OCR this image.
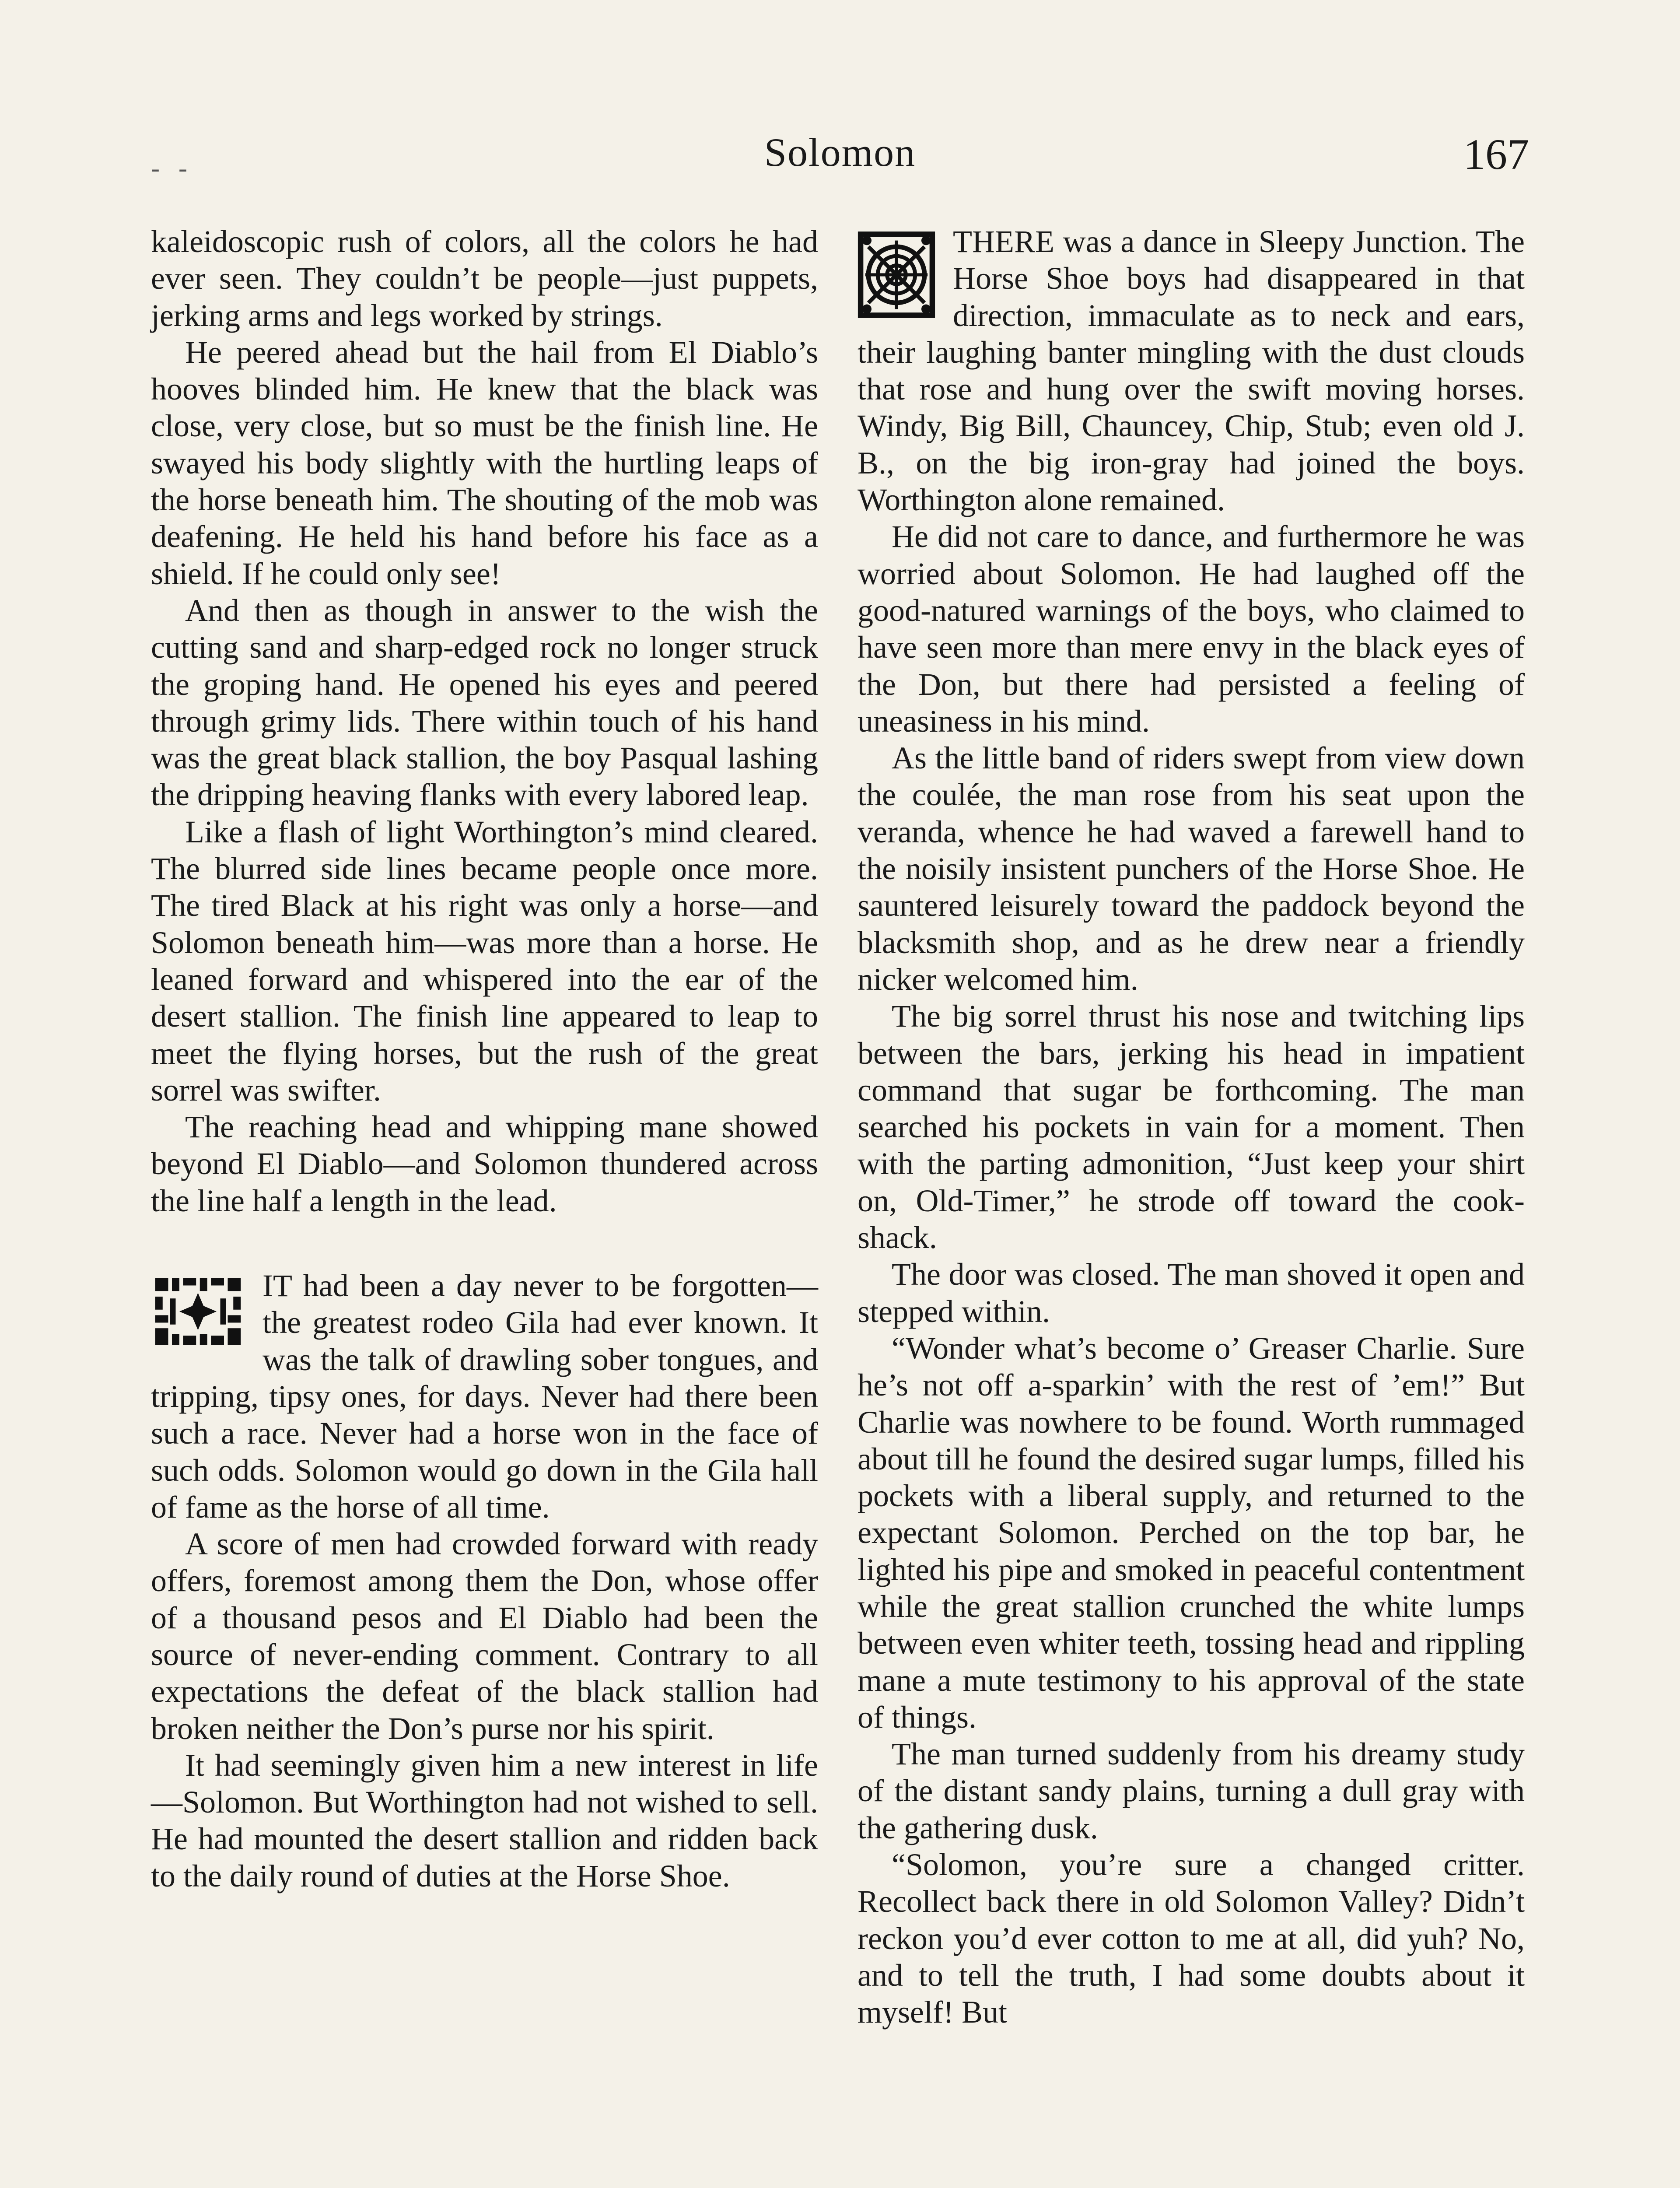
- -	Solomon	167

kaleidoscopic rush of colors, all the colors he had ever seen. They couldn’t be people—just puppets, jerking arms and legs worked by strings.

He peered ahead but the hail from El Diablo’s hooves blinded him. He knew that the black was close, very close, but so must be the finish line. He swayed his body slightly with the hurtling leaps of the horse beneath him. The shouting of the mob was deafening. He held his hand before his face as a shield. If he could only see!

And then as though in answer to the wish the cutting sand and sharp-edged rock no longer struck the groping hand. He opened his eyes and peered through grimy lids. There within touch of his hand was the great black stallion, the boy Pasqual lashing the dripping heaving flanks with every labored leap.

Like a flash of light Worthington’s mind cleared. The blurred side lines became people once more. The tired Black at his right was only a horse—and Solomon beneath him—was more than a horse. He leaned forward and whispered into the ear of the desert stallion. The finish line appeared to leap to meet the flying horses, but the rush of the great sorrel was swifter.

The reaching head and whipping mane showed beyond El Diablo—and Solomon thundered across the line half a length in the lead.

IT had been a day never to be forgotten—the greatest rodeo Gila had ever known. It was the talk of drawling sober tongues, and tripping, tipsy ones, for days. Never had there been such a race. Never had a horse won in the face of such odds. Solomon would go down in the Gila hall of fame as the horse of all time.

A score of men had crowded forward with ready offers, foremost among them the Don, whose offer of a thousand pesos and El Diablo had been the source of never-ending comment. Contrary to all expectations the defeat of the black stallion had broken neither the Don’s purse nor his spirit.

It had seemingly given him a new interest in life—Solomon. But Worthington had not wished to sell. He had mounted the desert stallion and ridden back to the daily round of duties at the Horse Shoe.

THERE was a dance in Sleepy Junction. The Horse Shoe boys had disappeared in that direction, immaculate as to neck and ears, their laughing banter mingling with the dust clouds that rose and hung over the swift moving horses. Windy, Big Bill, Chauncey, Chip, Stub; even old J. B., on the big iron-gray had joined the boys. Worthington alone remained.

He did not care to dance, and furthermore he was worried about Solomon. He had laughed off the good-natured warnings of the boys, who claimed to have seen more than mere envy in the black eyes of the Don, but there had persisted a feeling of uneasiness in his mind.

As the little band of riders swept from view down the coulée, the man rose from his seat upon the veranda, whence he had waved a farewell hand to the noisily insistent punchers of the Horse Shoe. He sauntered leisurely toward the paddock beyond the blacksmith shop, and as he drew near a friendly nicker welcomed him.

The big sorrel thrust his nose and twitching lips between the bars, jerking his head in impatient command that sugar be forthcoming. The man searched his pockets in vain for a moment. Then with the parting admonition, “Just keep your shirt on, Old-Timer,” he strode off toward the cook-shack.

The door was closed. The man shoved it open and stepped within.

“Wonder what’s become o’ Greaser Charlie. Sure he’s not off a-sparkin’ with the rest of ’em!” But Charlie was nowhere to be found. Worth rummaged about till he found the desired sugar lumps, filled his pockets with a liberal supply, and returned to the expectant Solomon. Perched on the top bar, he lighted his pipe and smoked in peaceful contentment while the great stallion crunched the white lumps between even whiter teeth, tossing head and rippling mane a mute testimony to his approval of the state of things.

The man turned suddenly from his dreamy study of the distant sandy plains, turning a dull gray with the gathering dusk.

“Solomon, you’re sure a changed critter. Recollect back there in old Solomon Valley? Didn’t reckon you’d ever cotton to me at all, did yuh? No, and to tell the truth, I had some doubts about it myself! But
